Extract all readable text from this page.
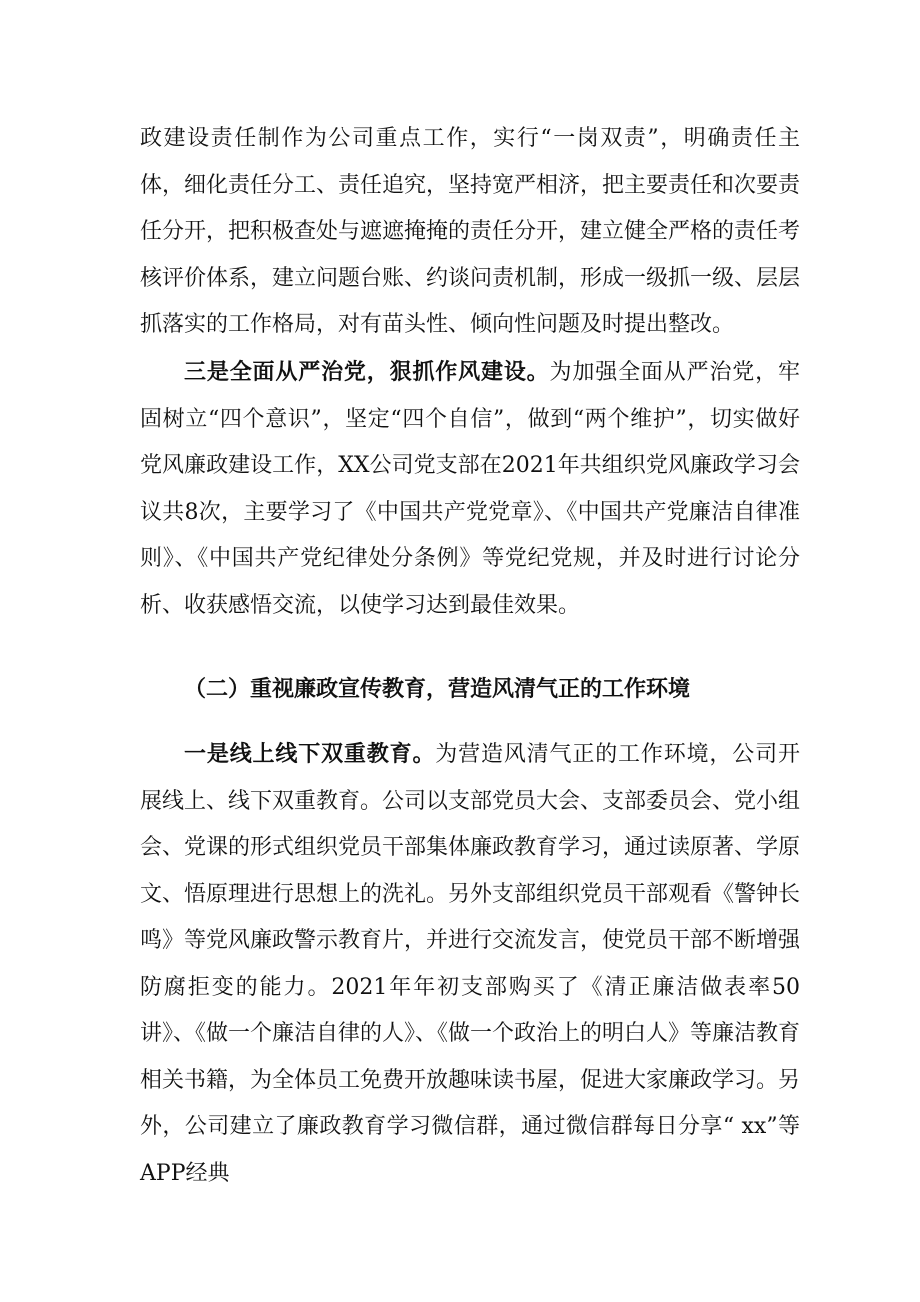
政建设责任制作为公司重点工作，实行“一岗双责”，明确责任主体，细化责任分工、责任追究，坚持宽严相济，把主要责任和次要责任分开，把积极查处与遮遮掩掩的责任分开，建立健全严格的责任考核评价体系，建立问题台账、约谈问责机制，形成一级抓一级、层层抓落实的工作格局，对有苗头性、倾向性问题及时提出整改。

三是全面从严治党，狠抓作风建设。为加强全面从严治党，牢固树立“四个意识”，坚定“四个自信”，做到“两个维护”，切实做好党风廉政建设工作，XX公司党支部在2021年共组织党风廉政学习会议共8次，主要学习了《中国共产党党章》、《中国共产党廉洁自律准则》、《中国共产党纪律处分条例》等党纪党规，并及时进行讨论分析、收获感悟交流，以使学习达到最佳效果。

（二）重视廉政宣传教育，营造风清气正的工作环境

一是线上线下双重教育。为营造风清气正的工作环境，公司开展线上、线下双重教育。公司以支部党员大会、支部委员会、党小组会、党课的形式组织党员干部集体廉政教育学习，通过读原著、学原文、悟原理进行思想上的洗礼。另外支部组织党员干部观看《警钟长鸣》等党风廉政警示教育片，并进行交流发言，使党员干部不断增强防腐拒变的能力。2021年年初支部购买了《清正廉洁做表率50讲》、《做一个廉洁自律的人》、《做一个政治上的明白人》等廉洁教育相关书籍，为全体员工免费开放趣味读书屋，促进大家廉政学习。另外，公司建立了廉政教育学习微信群，通过微信群每日分享“ xx”等APP经典
